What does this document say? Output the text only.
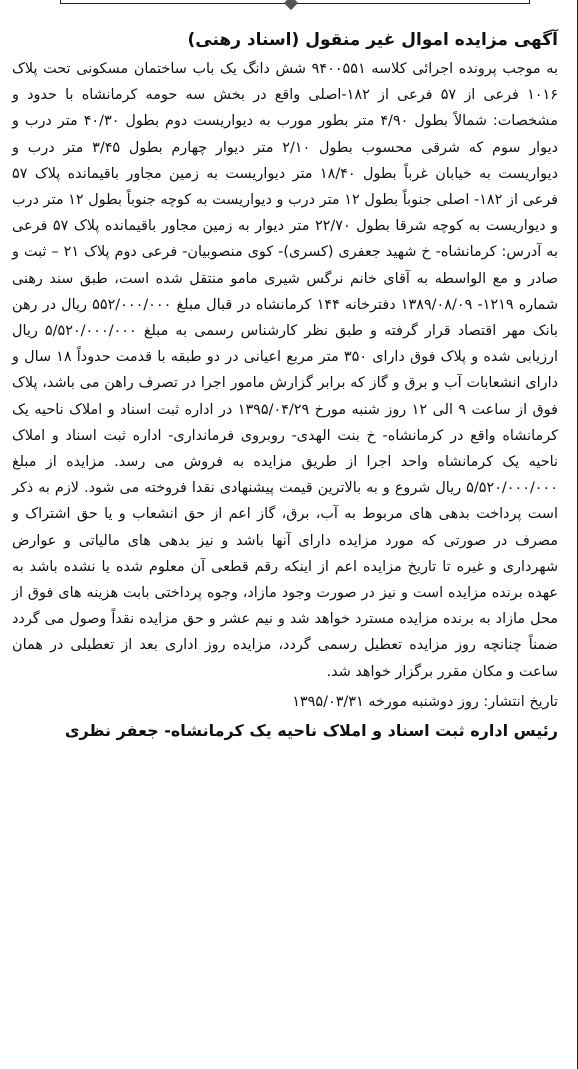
آگهی مزایده اموال غیر منقول (اسناد رهنی)

به موجب پرونده اجرائی کلاسه ۹۴۰۰۵۵۱ شش دانگ یک باب ساختمان مسکونی تحت پلاک ۱۰۱۶ فرعی از ۵۷ فرعی از ۱۸۲-اصلی واقع در بخش سه حومه کرمانشاه با حدود و مشخصات: شمالاً بطول ۴/۹۰ متر بطور مورب به دیواریست دوم بطول ۴۰/۳۰ متر درب و دیوار سوم که شرقی محسوب بطول ۲/۱۰ متر دیوار چهارم بطول ۳/۴۵ متر درب و دیواریست به خیابان غرباً بطول ۱۸/۴۰ متر دیواریست به زمین مجاور باقیمانده پلاک ۵۷ فرعی از ۱۸۲- اصلی جنوباً بطول ۱۲ متر درب و دیواریست به کوچه جنوباً بطول ۱۲ متر درب و دیواریست به کوچه شرقا بطول ۲۲/۷۰ متر دیوار به زمین مجاور باقیمانده پلاک ۵۷ فرعی به آدرس: کرمانشاه- خ شهید جعفری (کسری)- کوی منصوبیان- فرعی دوم پلاک ۲۱ – ثبت و صادر و مع الواسطه به آقای خانم نرگس شیری مامو منتقل شده است، طبق سند رهنی شماره ۱۲۱۹- ۱۳۸۹/۰۸/۰۹ دفترخانه ۱۴۴ کرمانشاه در قبال مبلغ ۵۵۲/۰۰۰/۰۰۰ ریال در رهن بانک مهر اقتصاد قرار گرفته و طبق نظر کارشناس رسمی به مبلغ ۵/۵۲۰/۰۰۰/۰۰۰ ریال ارزیابی شده و پلاک فوق دارای ۳۵۰ متر مربع اعیانی در دو طبقه با قدمت حدوداً ۱۸ سال و دارای انشعابات آب و برق و گاز که برابر گزارش مامور اجرا در تصرف راهن می باشد، پلاک فوق از ساعت ۹ الی ۱۲ روز شنبه مورخ ۱۳۹۵/۰۴/۲۹ در اداره ثبت اسناد و املاک ناحیه یک کرمانشاه واقع در کرمانشاه- خ بنت الهدی- روبروی فرمانداری- اداره ثبت اسناد و املاک ناحیه یک کرمانشاه واحد اجرا از طریق مزایده به فروش می رسد. مزایده از مبلغ ۵/۵۲۰/۰۰۰/۰۰۰ ریال شروع و به بالاترین قیمت پیشنهادی نقدا فروخته می شود. لازم به ذکر است پرداخت بدهی های مربوط به آب، برق، گاز اعم از حق انشعاب و یا حق اشتراک و مصرف در صورتی که مورد مزایده دارای آنها باشد و نیز بدهی های مالیاتی و عوارض شهرداری و غیره تا تاریخ مزایده اعم از اینکه رقم قطعی آن معلوم شده یا نشده باشد به عهده برنده مزایده است و نیز در صورت وجود مازاد، وجوه پرداختی بابت هزینه های فوق از محل مازاد به برنده مزایده مسترد خواهد شد و نیم عشر و حق مزایده نقداً وصول می گردد ضمناً چنانچه روز مزایده تعطیل رسمی گردد، مزایده روز اداری بعد از تعطیلی در همان ساعت و مکان مقرر برگزار خواهد شد.

تاریخ انتشار: روز دوشنبه مورخه ۱۳۹۵/۰۳/۳۱

رئیس اداره ثبت اسناد و املاک ناحیه یک کرمانشاه- جعفر نظری
